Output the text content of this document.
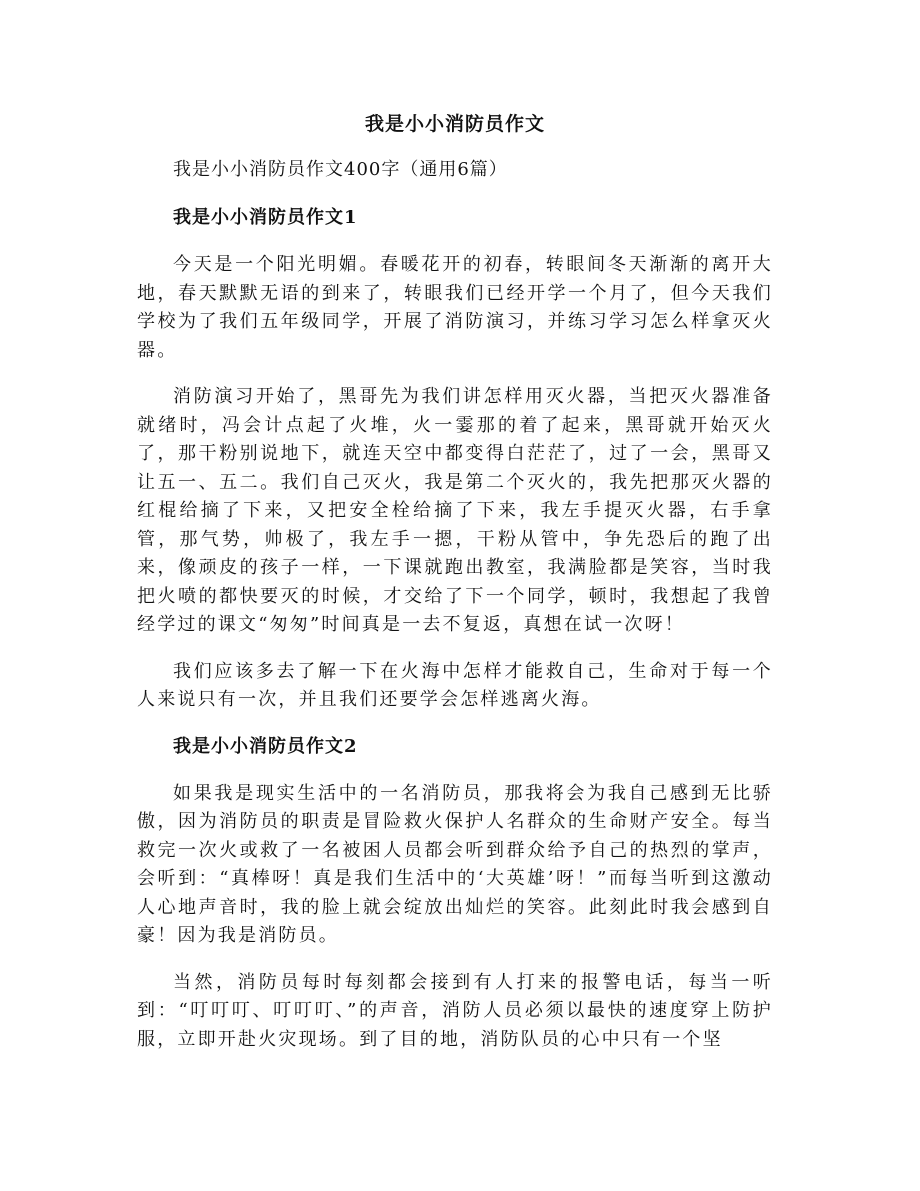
我是小小消防员作文
我是小小消防员作文400字（通用6篇）
我是小小消防员作文1

今天是一个阳光明媚。春暖花开的初春，转眼间冬天渐渐的离开大地，春天默默无语的到来了，转眼我们已经开学一个月了，但今天我们学校为了我们五年级同学，开展了消防演习，并练习学习怎么样拿灭火器。

消防演习开始了，黑哥先为我们讲怎样用灭火器，当把灭火器准备就绪时，冯会计点起了火堆，火一霎那的着了起来，黑哥就开始灭火了，那干粉别说地下，就连天空中都变得白茫茫了，过了一会，黑哥又让五一、五二。我们自己灭火，我是第二个灭火的，我先把那灭火器的红棍给摘了下来，又把安全栓给摘了下来，我左手提灭火器，右手拿管，那气势，帅极了，我左手一摁，干粉从管中，争先恐后的跑了出来，像顽皮的孩子一样，一下课就跑出教室，我满脸都是笑容，当时我把火喷的都快要灭的时候，才交给了下一个同学，顿时，我想起了我曾经学过的课文“匆匆”时间真是一去不复返，真想在试一次呀！

我们应该多去了解一下在火海中怎样才能救自己，生命对于每一个人来说只有一次，并且我们还要学会怎样逃离火海。

我是小小消防员作文2

如果我是现实生活中的一名消防员，那我将会为我自己感到无比骄傲，因为消防员的职责是冒险救火保护人名群众的生命财产安全。每当救完一次火或救了一名被困人员都会听到群众给予自己的热烈的掌声，会听到：“真棒呀！真是我们生活中的‘大英雄’呀！”而每当听到这激动人心地声音时，我的脸上就会绽放出灿烂的笑容。此刻此时我会感到自豪！因为我是消防员。

当然，消防员每时每刻都会接到有人打来的报警电话，每当一听到：“叮叮叮、叮叮叮、”的声音，消防人员必须以最快的速度穿上防护服，立即开赴火灾现场。到了目的地，消防队员的心中只有一个坚
